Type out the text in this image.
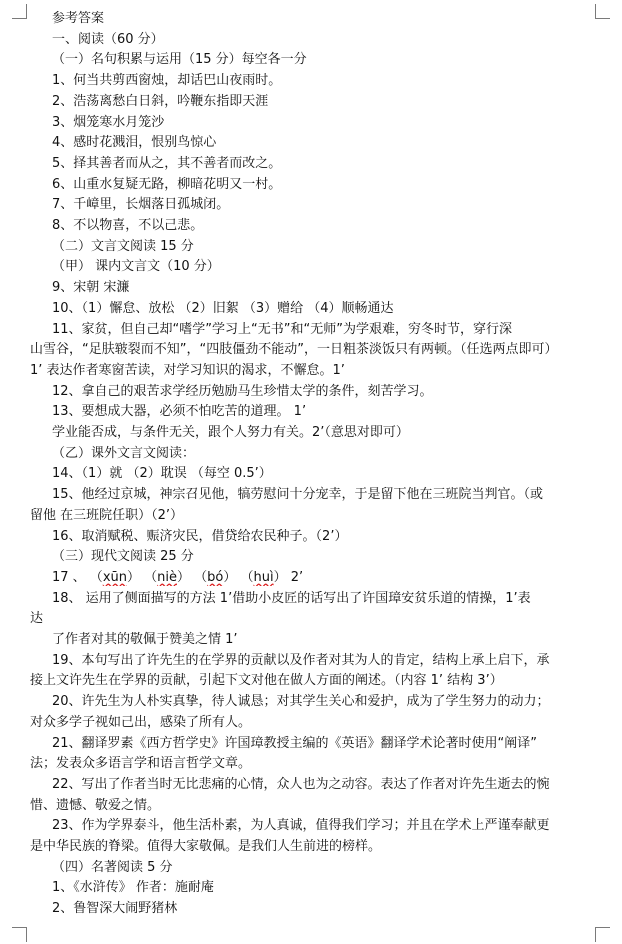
参考答案
一、阅读（60 分）
（一）名句积累与运用（15 分）每空各一分
1、何当共剪西窗烛，却话巴山夜雨时。
2、浩荡离愁白日斜，吟鞭东指即天涯
3、烟笼寒水月笼沙
4、感时花溅泪，恨别鸟惊心
5、择其善者而从之，其不善者而改之。
6、山重水复疑无路，柳暗花明又一村。
7、千嶂里，长烟落日孤城闭。
8、不以物喜，不以己悲。
（二）文言文阅读 15 分
（甲） 课内文言文（10 分）
9、宋朝 宋濂
10、（1）懈怠、放松 （2）旧絮 （3）赠给 （4）顺畅通达
11、家贫，但自己却“嗜学”学习上“无书”和“无师”为学艰难，穷冬时节，穿行深
山雪谷，“足肤皲裂而不知”，“四肢僵劲不能动”，一日粗茶淡饭只有两顿。（任选两点即可）
1’ 表达作者寒窗苦读，对学习知识的渴求，不懈怠。1’
12、拿自己的艰苦求学经历勉励马生珍惜太学的条件，刻苦学习。
13、要想成大器，必须不怕吃苦的道理。 1’
学业能否成，与条件无关，跟个人努力有关。2’（意思对即可）
（乙）课外文言文阅读：
14、（1）就 （2）耽误 （每空 0.5’）
15、他经过京城，神宗召见他，犒劳慰问十分宠幸，于是留下他在三班院当判官。（或
留他 在三班院任职）（2’）
16、取消赋税、赈济灾民，借贷给农民种子。（2’）
（三）现代文阅读 25 分
17 、 （xūn） （niè） （bó） （huì） 2’
18、 运用了侧面描写的方法 1’借助小皮匠的话写出了许国璋安贫乐道的情操，1’表
达
了作者对其的敬佩于赞美之情 1’
19、本句写出了许先生的在学界的贡献以及作者对其为人的肯定，结构上承上启下，承
接上文许先生在学界的贡献，引起下文对他在做人方面的阐述。（内容 1’ 结构 3’）
20、许先生为人朴实真挚，待人诚恳；对其学生关心和爱护，成为了学生努力的动力；
对众多学子视如己出，感染了所有人。
21、翻译罗素《西方哲学史》许国璋教授主编的《英语》翻译学术论著时使用“阐译”
法；发表众多语言学和语言哲学文章。
22、写出了作者当时无比悲痛的心情，众人也为之动容。表达了作者对许先生逝去的惋
惜、遗憾、敬爱之情。
23、作为学界泰斗，他生活朴素，为人真诚，值得我们学习；并且在学术上严谨奉献更
是中华民族的脊梁。值得大家敬佩。是我们人生前进的榜样。
（四）名著阅读 5 分
1、《水浒传》 作者：施耐庵
2、鲁智深大闹野猪林
